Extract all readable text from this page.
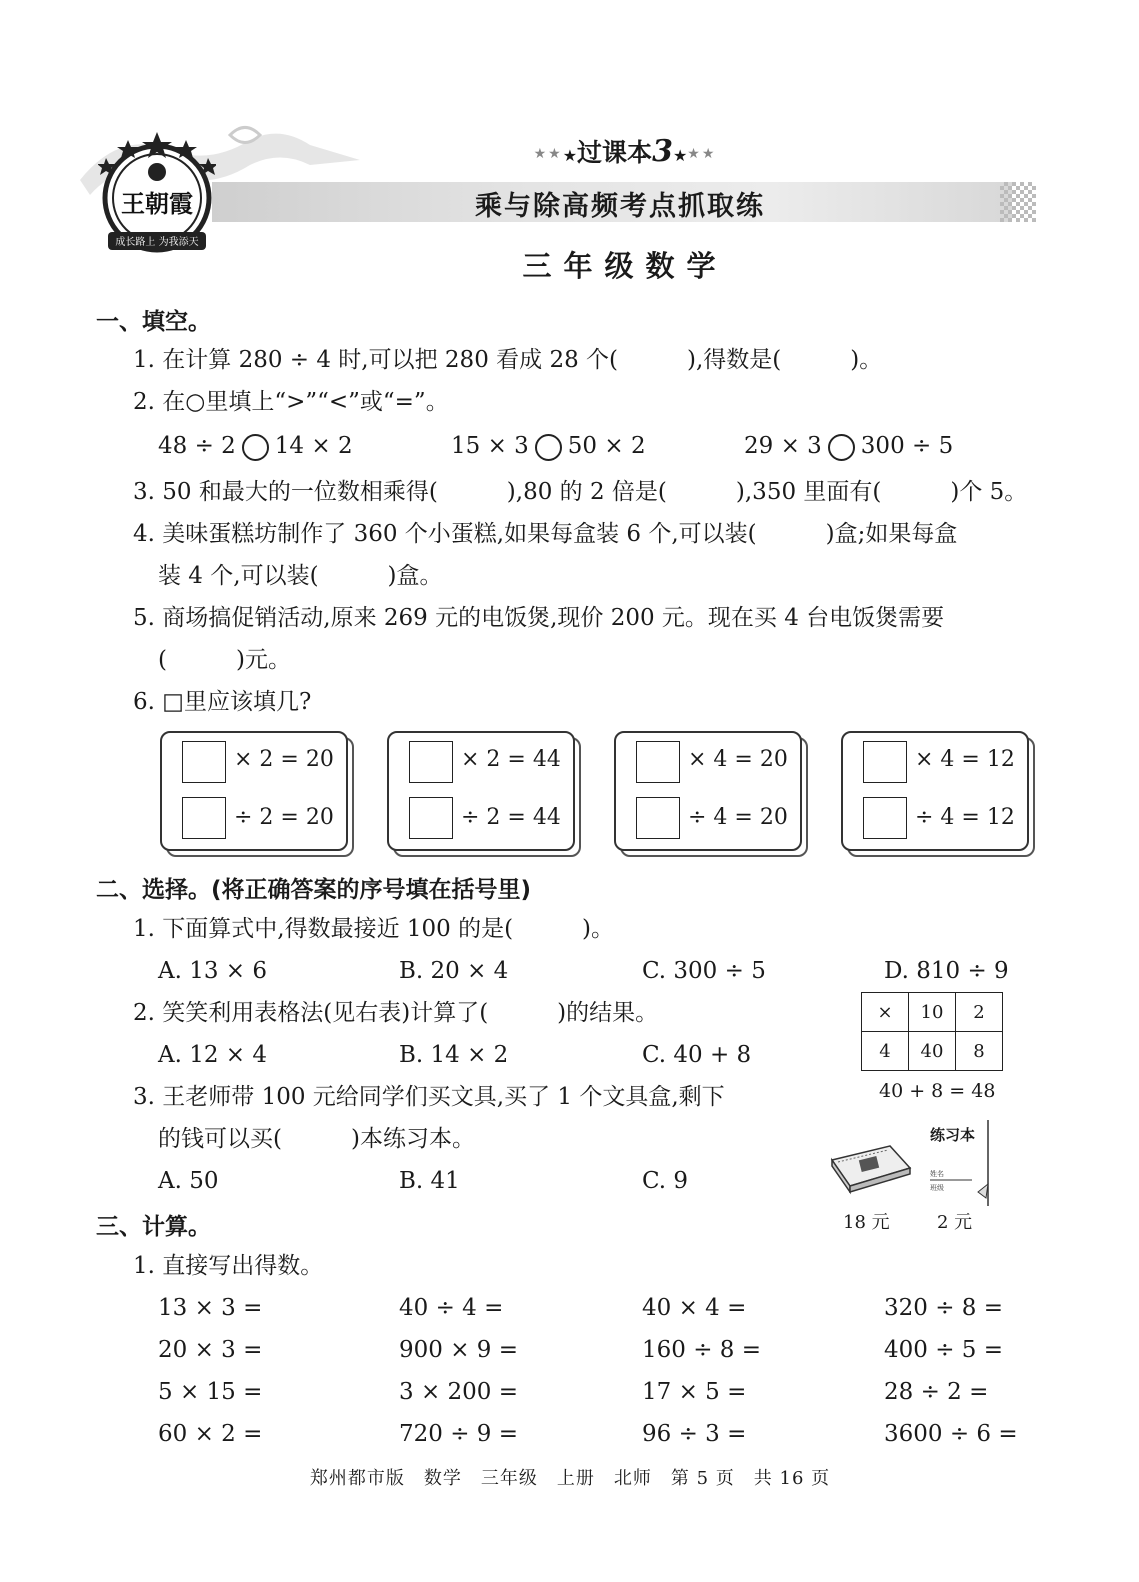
王朝霞
成长路上 为我添天
★★★过课本3★★★
乘与除高频考点抓取练
三年级数学
一、填空。
1. 在计算 280 ÷ 4 时,可以把 280 看成 28 个(　　　),得数是(　　　)。
2. 在○里填上“>”“<”或“=”。
48 ÷ 2 14 × 2	15 × 3 50 × 2	29 × 3 300 ÷ 5
3. 50 和最大的一位数相乘得(　　　),80 的 2 倍是(　　　),350 里面有(　　　)个 5。
4. 美味蛋糕坊制作了 360 个小蛋糕,如果每盒装 6 个,可以装(　　　)盒;如果每盒
装 4 个,可以装(　　　)盒。
5. 商场搞促销活动,原来 269 元的电饭煲,现价 200 元。现在买 4 台电饭煲需要
(　　　)元。
6. □里应该填几?
× 2 = 20
÷ 2 = 20
× 2 = 44
÷ 2 = 44
× 4 = 20
÷ 4 = 20
× 4 = 12
÷ 4 = 12
二、选择。(将正确答案的序号填在括号里)
1. 下面算式中,得数最接近 100 的是(　　　)。
A. 13 × 6	B. 20 × 4	C. 300 ÷ 5	D. 810 ÷ 9
2. 笑笑利用表格法(见右表)计算了(　　　)的结果。
A. 12 × 4	B. 14 × 2	C. 40 + 8
×	10	2
4	40	8
40 + 8 = 48
3. 王老师带 100 元给同学们买文具,买了 1 个文具盒,剩下
的钱可以买(　　　)本练习本。
A. 50	B. 41	C. 9
18 元
姓名
班级
练习本
2 元
三、计算。
1. 直接写出得数。
13 × 3 =	40 ÷ 4 =	40 × 4 =	320 ÷ 8 =
20 × 3 =	900 × 9 =	160 ÷ 8 =	400 ÷ 5 =
5 × 15 =	3 × 200 =	17 × 5 =	28 ÷ 2 =
60 × 2 =	720 ÷ 9 =	96 ÷ 3 =	3600 ÷ 6 =
郑州都市版　数学　三年级　上册　北师　第 5 页　共 16 页
